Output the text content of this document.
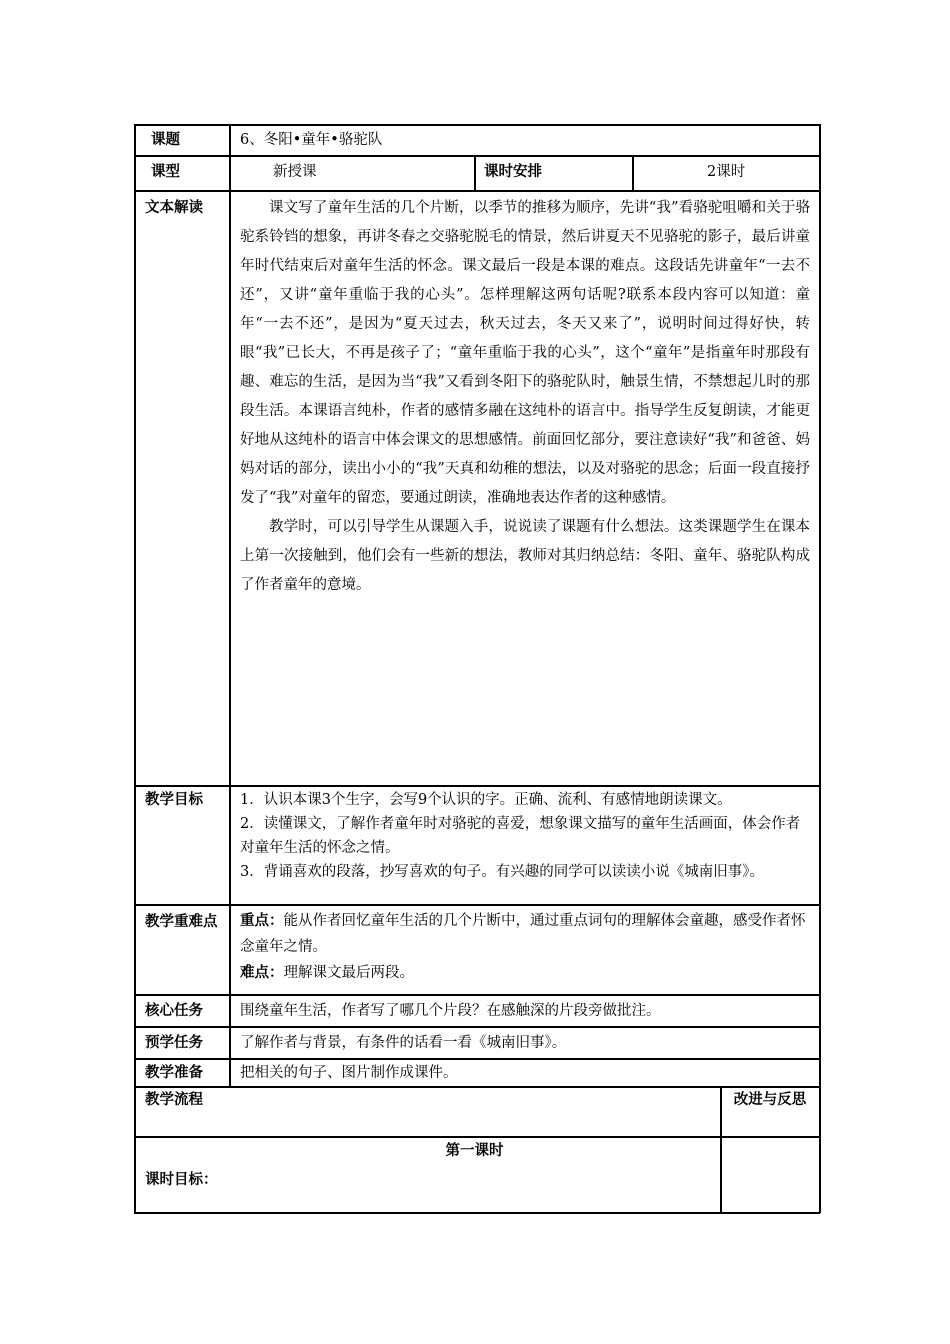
课题	6、冬阳•童年•骆驼队
课型	新授课	课时安排	2课时
文本解读	课文写了童年生活的几个片断，以季节的推移为顺序，先讲“我”看骆驼咀嚼和关于骆驼系铃铛的想象，再讲冬春之交骆驼脱毛的情景，然后讲夏天不见骆驼的影子，最后讲童年时代结束后对童年生活的怀念。课文最后一段是本课的难点。这段话先讲童年“一去不还”，又讲“童年重临于我的心头”。怎样理解这两句话呢?联系本段内容可以知道：童年“一去不还”，是因为“夏天过去，秋天过去，冬天又来了”，说明时间过得好快，转眼“我”已长大，不再是孩子了；“童年重临于我的心头”，这个“童年”是指童年时那段有趣、难忘的生活，是因为当“我”又看到冬阳下的骆驼队时，触景生情，不禁想起儿时的那段生活。本课语言纯朴，作者的感情多融在这纯朴的语言中。指导学生反复朗读，才能更好地从这纯朴的语言中体会课文的思想感情。前面回忆部分，要注意读好“我”和爸爸、妈妈对话的部分，读出小小的“我”天真和幼稚的想法，以及对骆驼的思念；后面一段直接抒发了“我”对童年的留恋，要通过朗读，准确地表达作者的这种感情。

教学时，可以引导学生从课题入手，说说读了课题有什么想法。这类课题学生在课本上第一次接触到，他们会有一些新的想法，教师对其归纳总结：冬阳、童年、骆驼队构成了作者童年的意境。

教学目标	1．认识本课3个生字，会写9个认识的字。正确、流利、有感情地朗读课文。
2．读懂课文，了解作者童年时对骆驼的喜爱，想象课文描写的童年生活画面，体会作者对童年生活的怀念之情。
3．背诵喜欢的段落，抄写喜欢的句子。有兴趣的同学可以读读小说《城南旧事》。
教学重难点	重点：能从作者回忆童年生活的几个片断中，通过重点词句的理解体会童趣，感受作者怀念童年之情。
难点：理解课文最后两段。
核心任务	围绕童年生活，作者写了哪几个片段？在感触深的片段旁做批注。
预学任务	了解作者与背景，有条件的话看一看《城南旧事》。
教学准备	把相关的句子、图片制作成课件。
教学流程	改进与反思
第一课时
课时目标：
